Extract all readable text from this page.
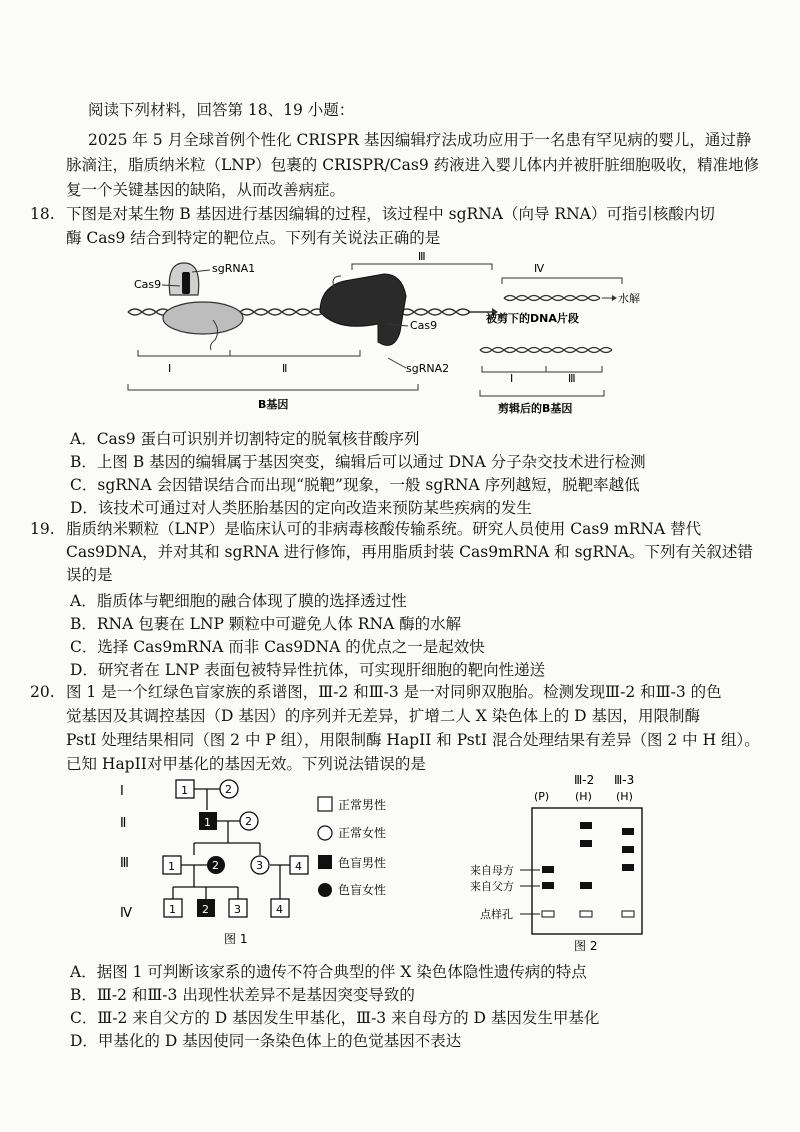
阅读下列材料，回答第 18、19 小题：
2025 年 5 月全球首例个性化 CRISPR 基因编辑疗法成功应用于一名患有罕见病的婴儿，通过静
脉滴注，脂质纳米粒（LNP）包裹的 CRISPR/Cas9 药液进入婴儿体内并被肝脏细胞吸收，精准地修
复一个关键基因的缺陷，从而改善病症。
18. 下图是对某生物 B 基因进行基因编辑的过程，该过程中 sgRNA（向导 RNA）可指引核酸内切
酶 Cas9 结合到特定的靶位点。下列有关说法正确的是
Cas9
sgRNA1
Cas9
sgRNA2
Ⅲ
Ⅰ	Ⅱ
B基因
Ⅳ
水解
被剪下的DNA片段
Ⅰ	Ⅲ
剪辑后的B基因
A．Cas9 蛋白可识别并切割特定的脱氧核苷酸序列
B．上图 B 基因的编辑属于基因突变，编辑后可以通过 DNA 分子杂交技术进行检测
C．sgRNA 会因错误结合而出现“脱靶”现象，一般 sgRNA 序列越短，脱靶率越低
D．该技术可通过对人类胚胎基因的定向改造来预防某些疾病的发生
19. 脂质纳米颗粒（LNP）是临床认可的非病毒核酸传输系统。研究人员使用 Cas9 mRNA 替代
Cas9DNA，并对其和 sgRNA 进行修饰，再用脂质封装 Cas9mRNA 和 sgRNA。下列有关叙述错
误的是
A．脂质体与靶细胞的融合体现了膜的选择透过性
B．RNA 包裹在 LNP 颗粒中可避免人体 RNA 酶的水解
C．选择 Cas9mRNA 而非 Cas9DNA 的优点之一是起效快
D．研究者在 LNP 表面包被特异性抗体，可实现肝细胞的靶向性递送
20. 图 1 是一个红绿色盲家族的系谱图，Ⅲ-2 和Ⅲ-3 是一对同卵双胞胎。检测发现Ⅲ-2 和Ⅲ-3 的色
觉基因及其调控基因（D 基因）的序列并无差异，扩增二人 X 染色体上的 D 基因，用限制酶
PstI 处理结果相同（图 2 中 P 组），用限制酶 HapII 和 PstI 混合处理结果有差异（图 2 中 H 组）。
已知 HapII对甲基化的基因无效。下列说法错误的是
Ⅰ
Ⅱ
Ⅲ
Ⅳ
1	2
1	2
1	2	3	4
1 2 3	4
正常男性
正常女性
色盲男性
色盲女性
图 1
Ⅲ-2 Ⅲ-3
(P) (H) (H)
来自母方
来自父方
点样孔
图 2
A．据图 1 可判断该家系的遗传不符合典型的伴 X 染色体隐性遗传病的特点
B．Ⅲ-2 和Ⅲ-3 出现性状差异不是基因突变导致的
C．Ⅲ-2 来自父方的 D 基因发生甲基化，Ⅲ-3 来自母方的 D 基因发生甲基化
D．甲基化的 D 基因使同一条染色体上的色觉基因不表达
